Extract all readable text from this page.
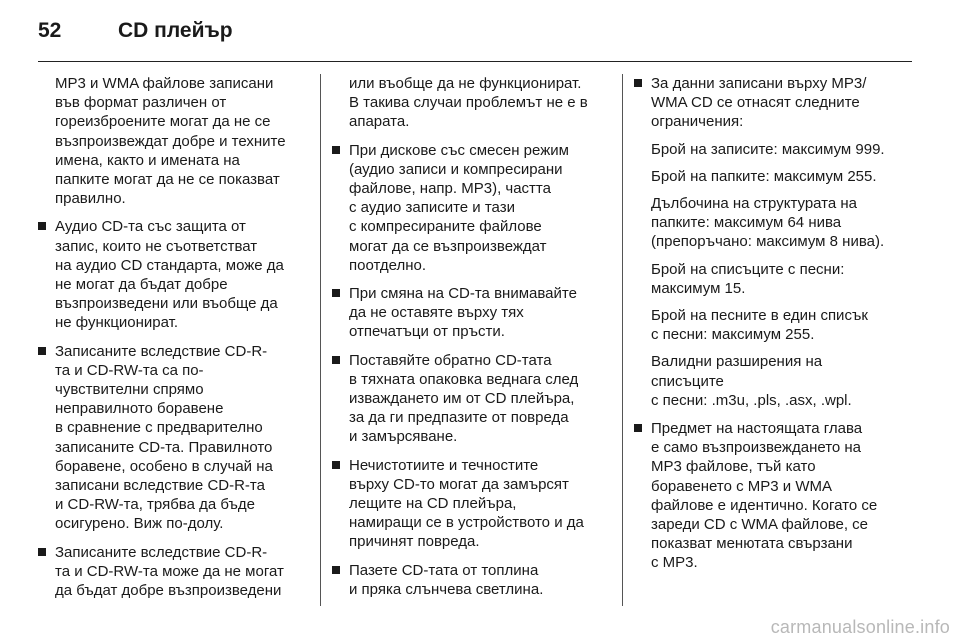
52	CD плейър
MP3 и WMA файлове записани
във формат различен от
гореизброените могат да не се
възпроизвеждат добре и техните
имена, както и имената на
папките могат да не се показват
правилно.
Аудио CD-та със защита от
запис, които не съответстват
на аудио CD стандарта, може да
не могат да бъдат добре
възпроизведени или въобще да
не функционират.
Записаните вследствие CD-R-
та и CD-RW-та са по-
чувствителни спрямо
неправилното боравене
в сравнение с предварително
записаните CD-та. Правилното
боравене, особено в случай на
записани вследствие CD-R-та
и CD-RW-та, трябва да бъде
осигурено. Виж по-долу.
Записаните вследствие CD-R-
та и CD-RW-та може да не могат
да бъдат добре възпроизведени
или въобще да не функционират.
В такива случаи проблемът не е в
апарата.
При дискове със смесен режим
(аудио записи и компресирани
файлове, напр. MP3), частта
с аудио записите и тази
с компресираните файлове
могат да се възпроизвеждат
поотделно.
При смяна на CD-та внимавайте
да не оставяте върху тях
отпечатъци от пръсти.
Поставяйте обратно CD-тата
в тяхната опаковка веднага след
изваждането им от CD плейъра,
за да ги предпазите от повреда
и замърсяване.
Нечистотиите и течностите
върху CD-то могат да замърсят
лещите на CD плейъра,
намиращи се в устройството и да
причинят повреда.
Пазете CD-тата от топлина
и пряка слънчева светлина.
За данни записани върху MP3/
WMA CD се отнасят следните
ограничения:
Брой на записите: максимум 999.
Брой на папките: максимум 255.
Дълбочина на структурата на
папките: максимум 64 нива
(препоръчано: максимум 8 нива).
Брой на списъците с песни:
максимум 15.
Брой на песните в един списък
с песни: максимум 255.
Валидни разширения на
списъците
с песни: .m3u, .pls, .asx, .wpl.
Предмет на настоящата глава
е само възпроизвеждането на
MP3 файлове, тъй като
боравенето с MP3 и WMA
файлове е идентично. Когато се
зареди CD с WMA файлове, се
показват менютата свързани
с MP3.
carmanualsonline.info
